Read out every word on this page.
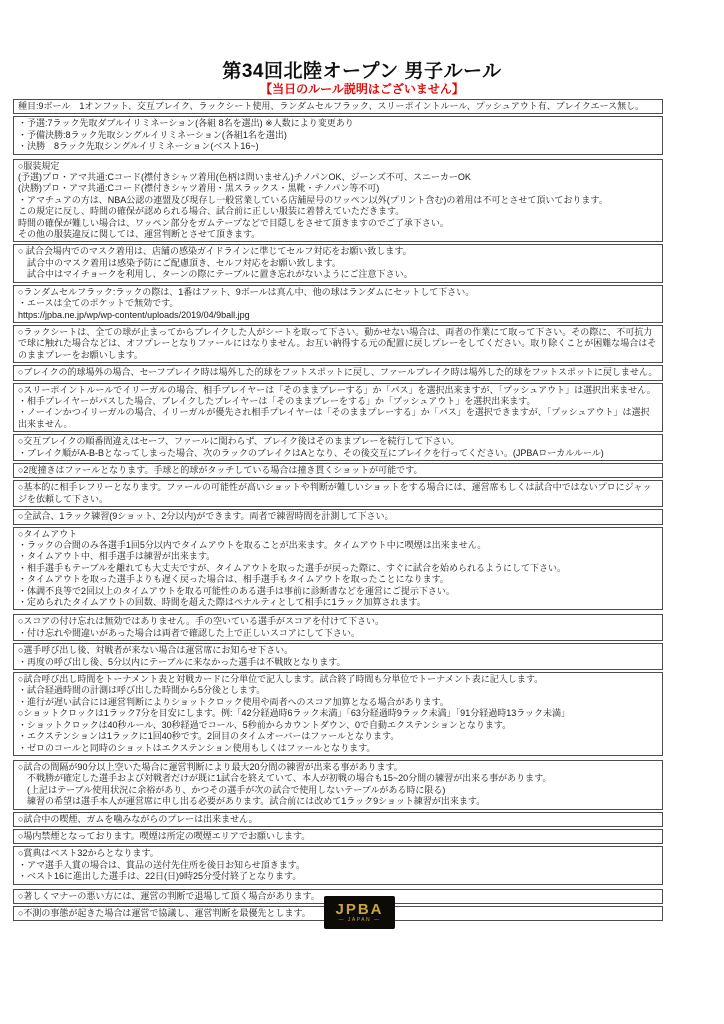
第34回北陸オープン 男子ルール
【当日のルール説明はございません】
種目:9ボール　1オンフット、交互ブレイク、ラックシート使用、ランダムセルフラック、スリーポイントルール、プッシュアウト有、ブレイクエース無し。
・予選:7ラック先取ダブルイリミネーション(各組 8名を選出) ※人数により変更あり
・予備決勝:8ラック先取シングルイリミネーション(各組1名を選出)
・決勝　8ラック先取シングルイリミネーション(ベスト16~)
○服装規定
(予選)プロ・アマ共通:Cコード(襟付きシャツ着用(色柄は問いません)チノパンOK、ジーンズ不可、スニーカーOK
(決勝)プロ・アマ共通:Cコード(襟付きシャツ着用・黒スラックス・黒靴・チノパン等不可)
・アマチュアの方は、NBA公認の連盟及び現存し一般営業している店舗屋号のワッペン以外(プリント含む)の着用は不可とさせて頂いております。
この規定に反し、時間の確保が認められる場合、試合前に正しい服装に着替えていただきます。
時間の確保が難しい場合は、ワッペン部分をガムテープなどで目隠しをさせて頂きますのでご了承下さい。
その他の服装違反に関しては、運営判断とさせて頂きます。
○ 試合会場内でのマスク着用は、店舗の感染ガイドラインに準じてセルフ対応をお願い致します。
　試合中のマスク着用は感染予防にご配慮頂き、セルフ対応をお願い致します。
　試合中はマイチョークを利用し、ターンの際にテーブルに置き忘れがないようにご注意下さい。
○ランダムセルフラック:ラックの際は、1番はフット、9ボールは真ん中、他の球はランダムにセットして下さい。
・エースは全てのポケットで無効です。
https://jpba.ne.jp/wp/wp-content/uploads/2019/04/9ball.jpg
○ラックシートは、全ての球が止まってからブレイクした人がシートを取って下さい。動かせない場合は、両者の作業にて取って下さい。その際に、不可抗力で球に触れた場合などは、オフプレーとなりファールにはなりません。お互い納得する元の配置に戻しプレーをしてください。取り除くことが困難な場合はそのままプレーをお願いします。
○ブレイクの的球場外の場合、セーフブレイク時は場外した的球をフットスポットに戻し、ファールブレイク時は場外した的球をフットスポットに戻しません。
○スリーポイントルールでイリーガルの場合、相手プレイヤーは「そのままプレーする」か「パス」を選択出来ますが、「プッシュアウト」は選択出来ません。
・相手プレイヤーがパスした場合、ブレイクしたプレイヤーは「そのままプレーをする」か「プッシュアウト」を選択出来ます。
・ノーインかつイリーガルの場合、イリーガルが優先され相手プレイヤーは「そのままプレーする」か「パス」を選択できますが、「プッシュアウト」は選択出来ません。
○交互ブレイクの順番間違えはセーフ、ファールに関わらず、ブレイク後はそのままプレーを続行して下さい。
・ブレイク順がA-B-Bとなってしまった場合、次のラックのブレイクはAとなり、その後交互にブレイクを行ってください。(JPBAローカルルール)
○2度撞きはファールとなります。手球と的球がタッチしている場合は撞き貫くショットが可能です。
○基本的に相手レフリーとなります。ファールの可能性が高いショットや判断が難しいショットをする場合には、運営席もしくは試合中ではないプロにジャッジを依頼して下さい。
○全試合、1ラック練習(9ショット、2分以内)ができます。両者で練習時間を計測して下さい。
○タイムアウト
・ラックの合間のみ各選手1回5分以内でタイムアウトを取ることが出来ます。タイムアウト中に喫煙は出来ません。
・タイムアウト中、相手選手は練習が出来ます。
・相手選手もテーブルを離れても大丈夫ですが、タイムアウトを取った選手が戻った際に、すぐに試合を始められるようにして下さい。
・タイムアウトを取った選手よりも遅く戻った場合は、相手選手もタイムアウトを取ったことになります。
・体調不良等で2回以上のタイムアウトを取る可能性のある選手は事前に診断書などを運営にご提示下さい。
・定められたタイムアウトの回数、時間を超えた際はペナルティとして相手に1ラック加算されます。
○スコアの付け忘れは無効ではありません。手の空いている選手がスコアを付けて下さい。
・付け忘れや間違いがあった場合は両者で確認した上で正しいスコアにして下さい。
○選手呼び出し後、対戦者が来ない場合は運営席にお知らせ下さい。
・再度の呼び出し後、5分以内にテーブルに来なかった選手は不戦敗となります。
○試合呼び出し時間をトーナメント表と対戦カードに分単位で記入します。試合終了時間も分単位でトーナメント表に記入します。
・試合経過時間の計測は呼び出した時間から5分後とします。
・進行が遅い試合には運営判断によりショットクロック使用や両者へのスコア加算となる場合があります。
○ショットクロックは1ラック7分を目安にします。例:「42分経過時6ラック未満」「63分経過時9ラック未満」「91分経過時13ラック未満」
・ショットクロックは40秒ルール、30秒経過でコール、5秒前からカウントダウン、0で自動エクステンションとなります。
・エクステンションは1ラックに1回40秒です。2回目のタイムオーバーはファールとなります。
・ゼロのコールと同時のショットはエクステンション使用もしくはファールとなります。
○試合の間隔が90分以上空いた場合に運営判断により最大20分間の練習が出来る事があります。
　不戦勝が確定した選手および対戦者だけが既に1試合を終えていて、本人が初戦の場合も15~20分間の練習が出来る事があります。
　(上記はテーブル使用状況に余裕があり、かつその選手が次の試合で使用しないテーブルがある時に限る)
　練習の希望は選手本人が運営席に申し出る必要があります。試合前には改めて1ラック9ショット練習が出来ます。
○試合中の喫煙、ガムを噛みながらのプレーは出来ません。
○場内禁煙となっております。喫煙は所定の喫煙エリアでお願いします。
○賞典はベスト32からとなります。
・アマ選手入賞の場合は、賞品の送付先住所を後日お知らせ頂きます。
・ベスト16に進出した選手は、22日(日)9時25分受付終了となります。
○著しくマナーの悪い方には、運営の判断で退場して頂く場合があります。
○不測の事態が起きた場合は運営で協議し、運営判断を最優先とします。	JPBA
— JAPAN —
